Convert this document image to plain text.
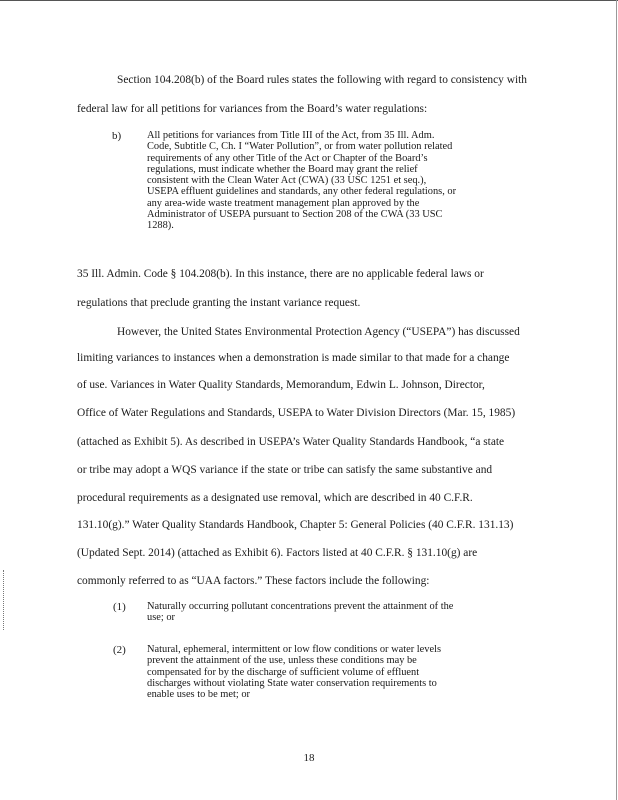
Section 104.208(b) of the Board rules states the following with regard to consistency with
federal law for all petitions for variances from the Board’s water regulations:
b) All petitions for variances from Title III of the Act, from 35 Ill. Adm.
Code, Subtitle C, Ch. I “Water Pollution”, or from water pollution related
requirements of any other Title of the Act or Chapter of the Board’s
regulations, must indicate whether the Board may grant the relief
consistent with the Clean Water Act (CWA) (33 USC 1251 et seq.),
USEPA effluent guidelines and standards, any other federal regulations, or
any area-wide waste treatment management plan approved by the
Administrator of USEPA pursuant to Section 208 of the CWA (33 USC
1288).
35 Ill. Admin. Code § 104.208(b). In this instance, there are no applicable federal laws or
regulations that preclude granting the instant variance request.
However, the United States Environmental Protection Agency (“USEPA”) has discussed
limiting variances to instances when a demonstration is made similar to that made for a change
of use. Variances in Water Quality Standards, Memorandum, Edwin L. Johnson, Director,
Office of Water Regulations and Standards, USEPA to Water Division Directors (Mar. 15, 1985)
(attached as Exhibit 5). As described in USEPA’s Water Quality Standards Handbook, “a state
or tribe may adopt a WQS variance if the state or tribe can satisfy the same substantive and
procedural requirements as a designated use removal, which are described in 40 C.F.R.
131.10(g).” Water Quality Standards Handbook, Chapter 5: General Policies (40 C.F.R. 131.13)
(Updated Sept. 2014) (attached as Exhibit 6). Factors listed at 40 C.F.R. § 131.10(g) are
commonly referred to as “UAA factors.” These factors include the following:
(1) Naturally occurring pollutant concentrations prevent the attainment of the
use; or
(2) Natural, ephemeral, intermittent or low flow conditions or water levels
prevent the attainment of the use, unless these conditions may be
compensated for by the discharge of sufficient volume of effluent
discharges without violating State water conservation requirements to
enable uses to be met; or
18
